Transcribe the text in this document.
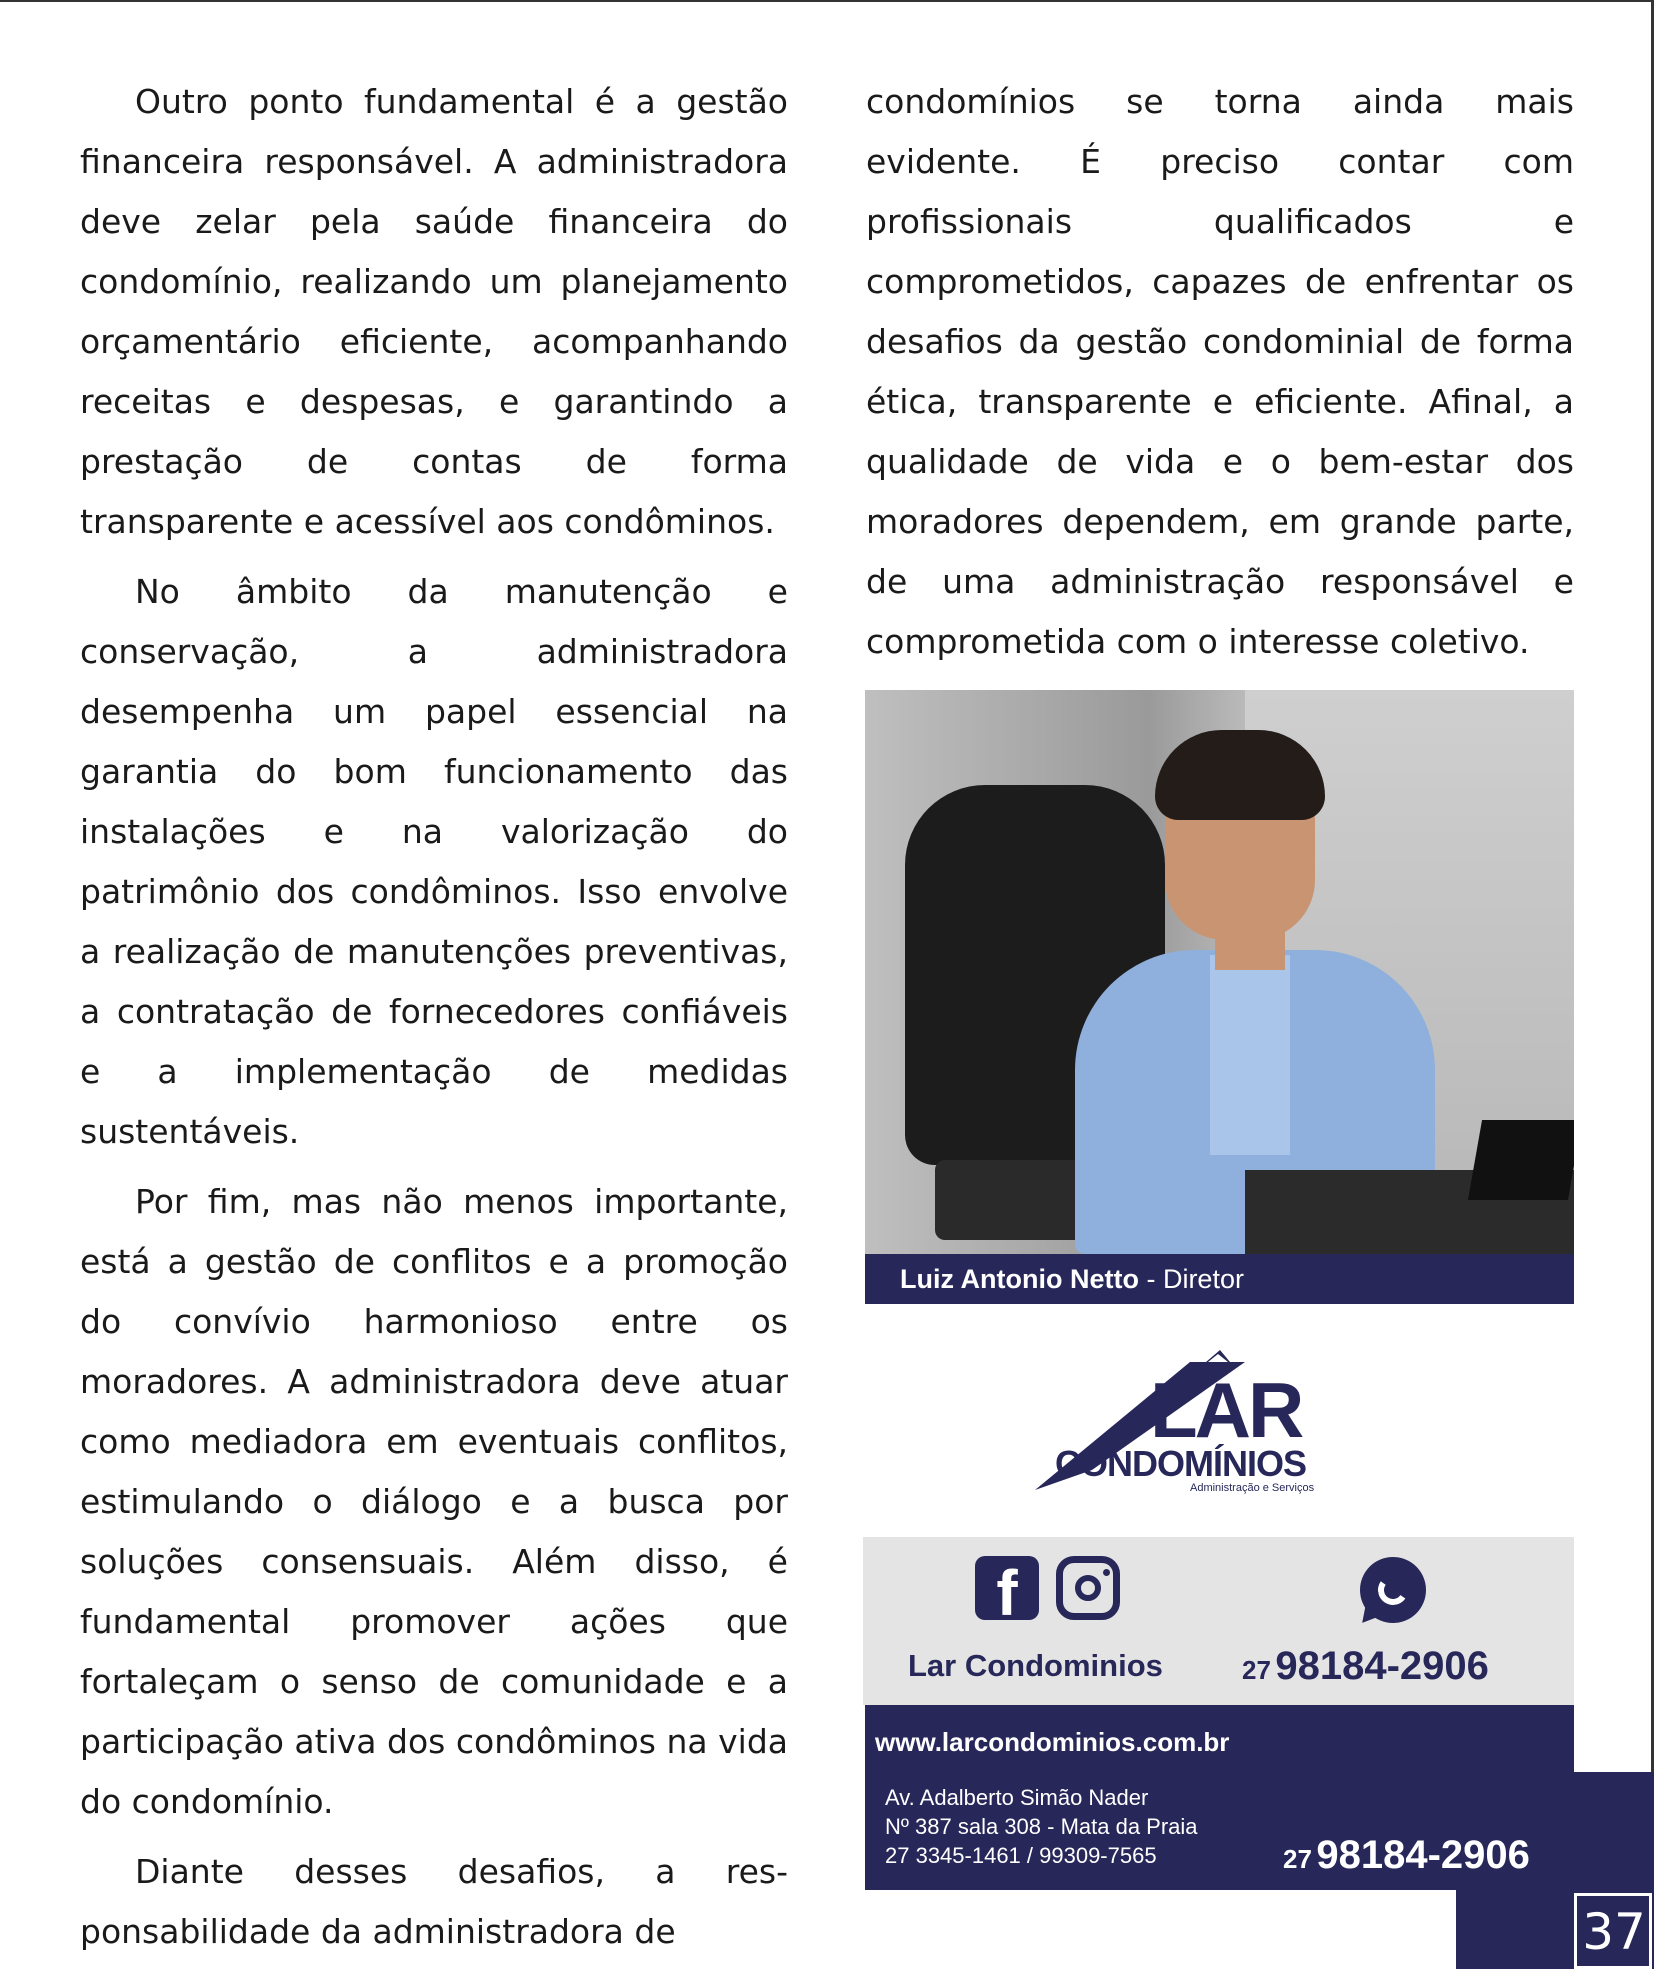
Outro ponto fundamental é a gestão financeira responsável. A administradora deve zelar pela saúde financeira do condomínio, realizando um planejamento orçamentário eficiente, acompanhando receitas e despesas, e garantindo a prestação de contas de forma transparente e acessível aos condôminos.

No âmbito da manutenção e conservação, a administradora desempenha um papel essencial na garantia do bom funcionamento das instalações e na valorização do patrimônio dos condôminos. Isso envolve a realização de manutenções preventivas, a contratação de fornecedores confiáveis e a implementação de medidas sustentáveis.

Por fim, mas não menos importante, está a gestão de conflitos e a promoção do convívio harmonioso entre os moradores. A administradora deve atuar como mediadora em eventuais conflitos, estimulando o diálogo e a busca por soluções consensuais. Além disso, é fundamental promover ações que fortaleçam o senso de comunidade e a participação ativa dos condôminos na vida do condomínio.

Diante desses desafios, a res-ponsabilidade da administradora de

condomínios se torna ainda mais evidente. É preciso contar com profissionais qualificados e comprometidos, capazes de enfrentar os desafios da gestão condominial de forma ética, transparente e eficiente. Afinal, a qualidade de vida e o bem-estar dos moradores dependem, em grande parte, de uma administração responsável e comprometida com o interesse coletivo.

Luiz Antonio Netto - Diretor
LAR
CONDOMÍNIOS
Administração e Serviços
f
Lar Condominios	27 98184-2906
www.larcondominios.com.br
Av. Adalberto Simão Nader
Nº 387 sala 308 - Mata da Praia
27 3345-1461 / 99309-7565	27 98184-2906
37
